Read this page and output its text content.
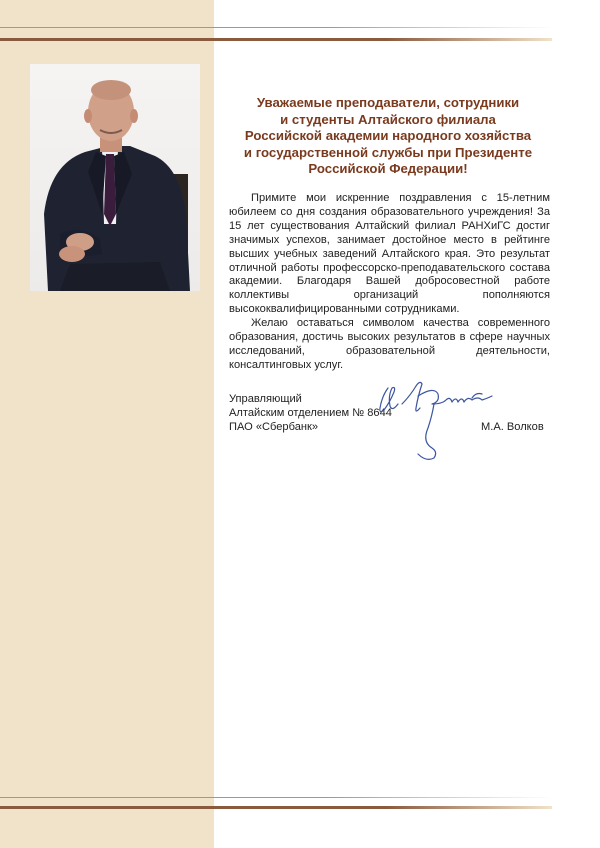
Уважаемые преподаватели, сотрудники
и студенты Алтайского филиала
Российской академии народного хозяйства
и государственной службы при Президенте
Российской Федерации!

Примите мои искренние поздравления с 15-летним юбилеем со дня создания образовательного учреждения! За 15 лет существования Алтайский филиал РАНХиГС достиг значимых успехов, занимает достойное место в рейтинге высших учебных заведений Алтайского края. Это результат отличной работы профессорско-преподавательского состава академии. Благодаря Вашей добросовестной работе коллективы организаций пополняются высококвалифицированными сотрудниками.

Желаю оставаться символом качества современного образования, достичь высоких результатов в сфере научных исследований, образовательной деятельности, консалтинговых услуг.

Управляющий
Алтайским отделением № 8644
ПАО «Сбербанк»	М.А. Волков
